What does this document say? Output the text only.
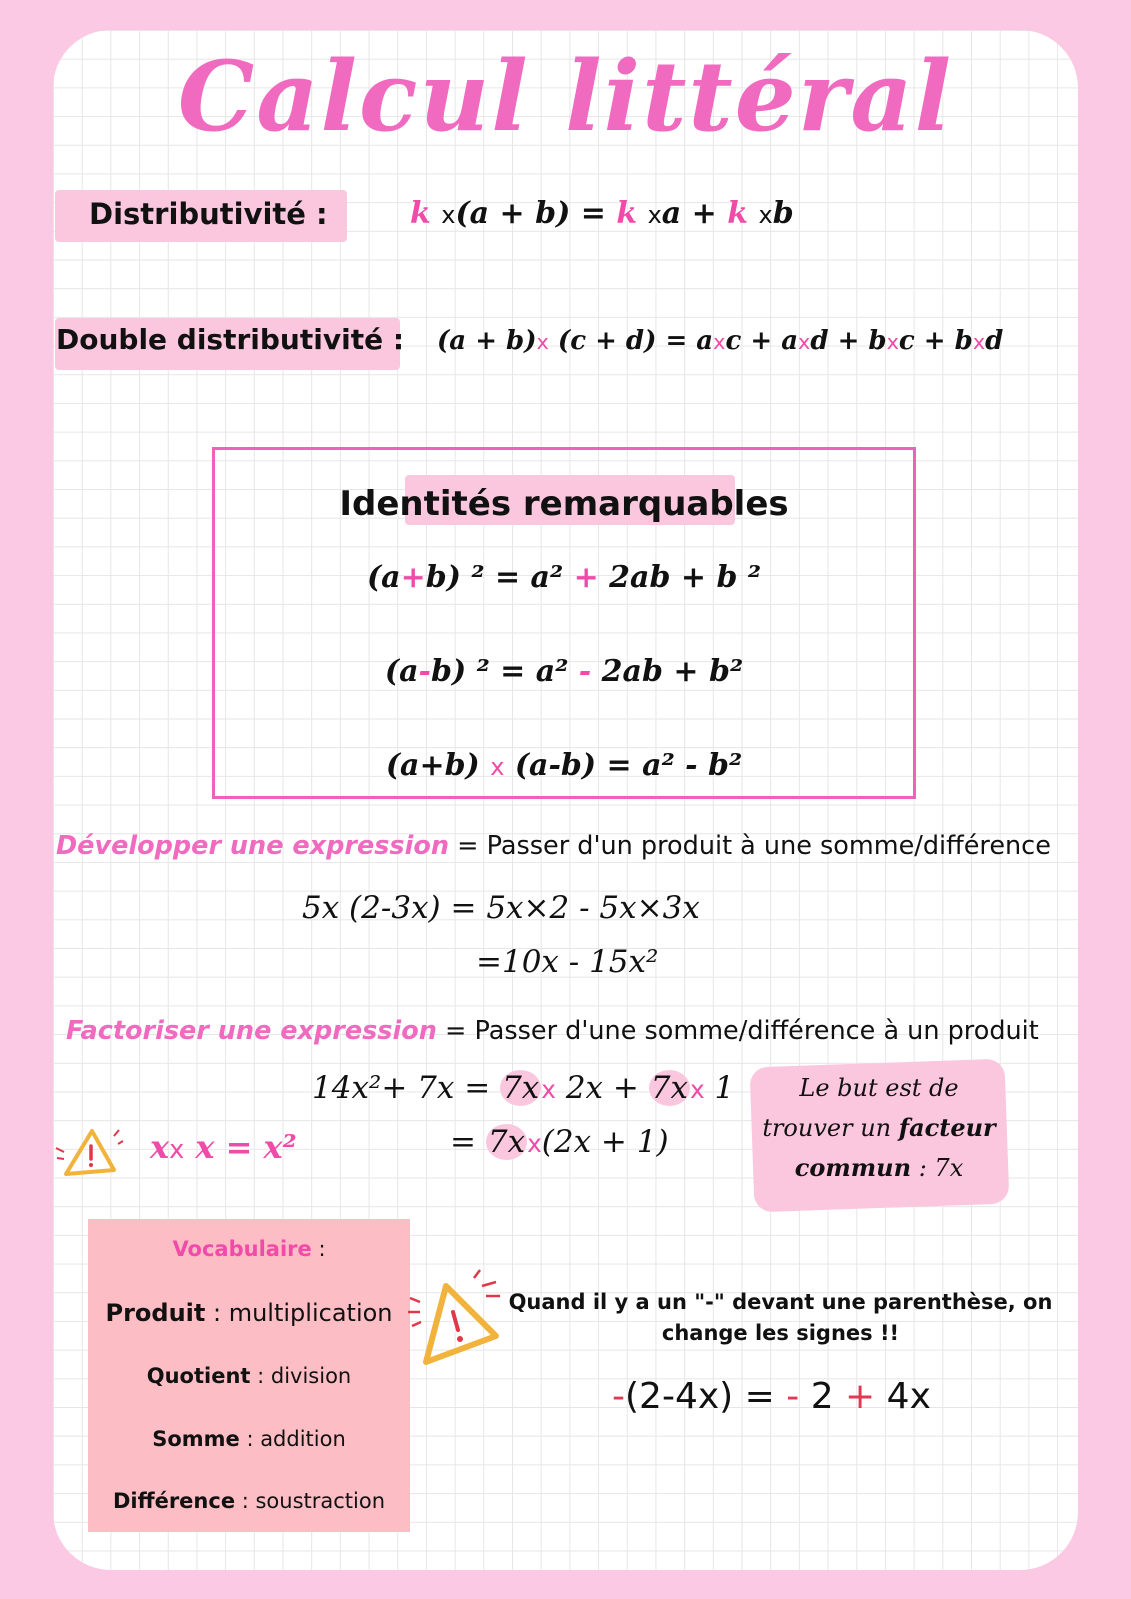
Calcul littéral
Distributivité :	k x(a + b) = k xa + k xb
Double distributivité : (a + b)x (c + d) = axc + axd + bxc + bxd
Identités remarquables
(a+b) ² = a² + 2ab + b ²
(a-b) ² = a² - 2ab + b²
(a+b) x (a-b) = a² - b²
Développer une expression = Passer d'un produit à une somme/différence
5x (2-3x) = 5x×2 - 5x×3x
=10x - 15x²
Factoriser une expression = Passer d'une somme/différence à un produit
14x²+ 7x = 7xx 2x + 7xx 1
= 7xx(2x + 1)
xx x = x²
Le but est de
trouver un facteur
commun : 7x
Vocabulaire :
Produit : multiplication
Quotient : division
Somme : addition
Différence : soustraction
Quand il y a un "-" devant une parenthèse, on
change les signes !!
-(2-4x) = - 2 + 4x
